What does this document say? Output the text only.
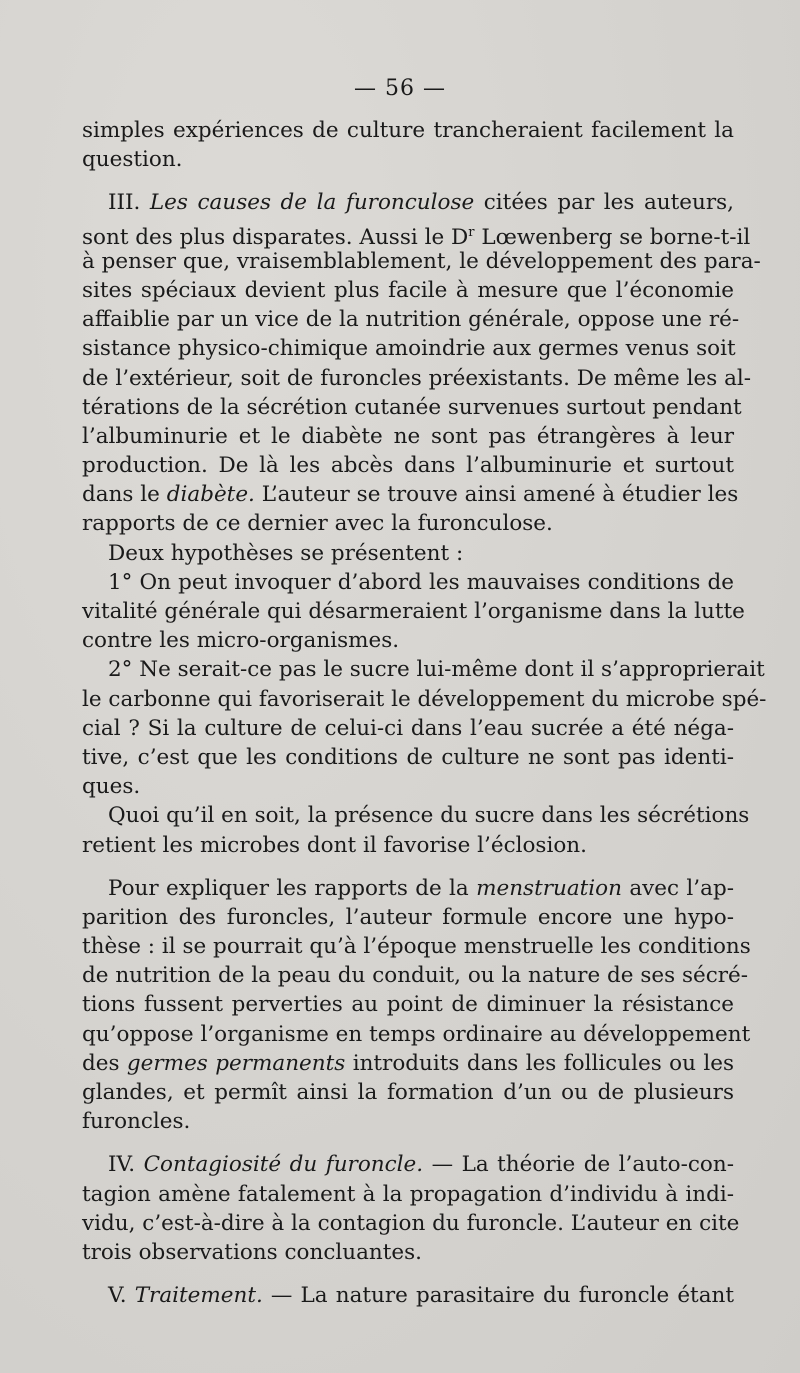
— 56 —
simples expériences de culture trancheraient facilement la
question.
III. Les causes de la furonculose citées par les auteurs,
sont des plus disparates. Aussi le $D^r$ Lœwenberg se borne-t-il
à penser que, vraisemblablement, le développement des para-
sites spéciaux devient plus facile à mesure que l’économie
affaiblie par un vice de la nutrition générale, oppose une ré-
sistance physico-chimique amoindrie aux germes venus soit
de l’extérieur, soit de furoncles préexistants. De même les al-
térations de la sécrétion cutanée survenues surtout pendant
l’albuminurie et le diabète ne sont pas étrangères à leur
production. De là les abcès dans l’albuminurie et surtout
dans le diabète. L’auteur se trouve ainsi amené à étudier les
rapports de ce dernier avec la furonculose.
Deux hypothèses se présentent :
1° On peut invoquer d’abord les mauvaises conditions de
vitalité générale qui désarmeraient l’organisme dans la lutte
contre les micro-organismes.
2° Ne serait-ce pas le sucre lui-même dont il s’approprierait
le carbonne qui favoriserait le développement du microbe spé-
cial ? Si la culture de celui-ci dans l’eau sucrée a été néga-
tive, c’est que les conditions de culture ne sont pas identi-
ques.
Quoi qu’il en soit, la présence du sucre dans les sécrétions
retient les microbes dont il favorise l’éclosion.
Pour expliquer les rapports de la menstruation avec l’ap-
parition des furoncles, l’auteur formule encore une hypo-
thèse : il se pourrait qu’à l’époque menstruelle les conditions
de nutrition de la peau du conduit, ou la nature de ses sécré-
tions fussent perverties au point de diminuer la résistance
qu’oppose l’organisme en temps ordinaire au développement
des germes permanents introduits dans les follicules ou les
glandes, et permît ainsi la formation d’un ou de plusieurs
furoncles.
IV. Contagiosité du furoncle. — La théorie de l’auto-con-
tagion amène fatalement à la propagation d’individu à indi-
vidu, c’est-à-dire à la contagion du furoncle. L’auteur en cite
trois observations concluantes.
V. Traitement. — La nature parasitaire du furoncle étant
